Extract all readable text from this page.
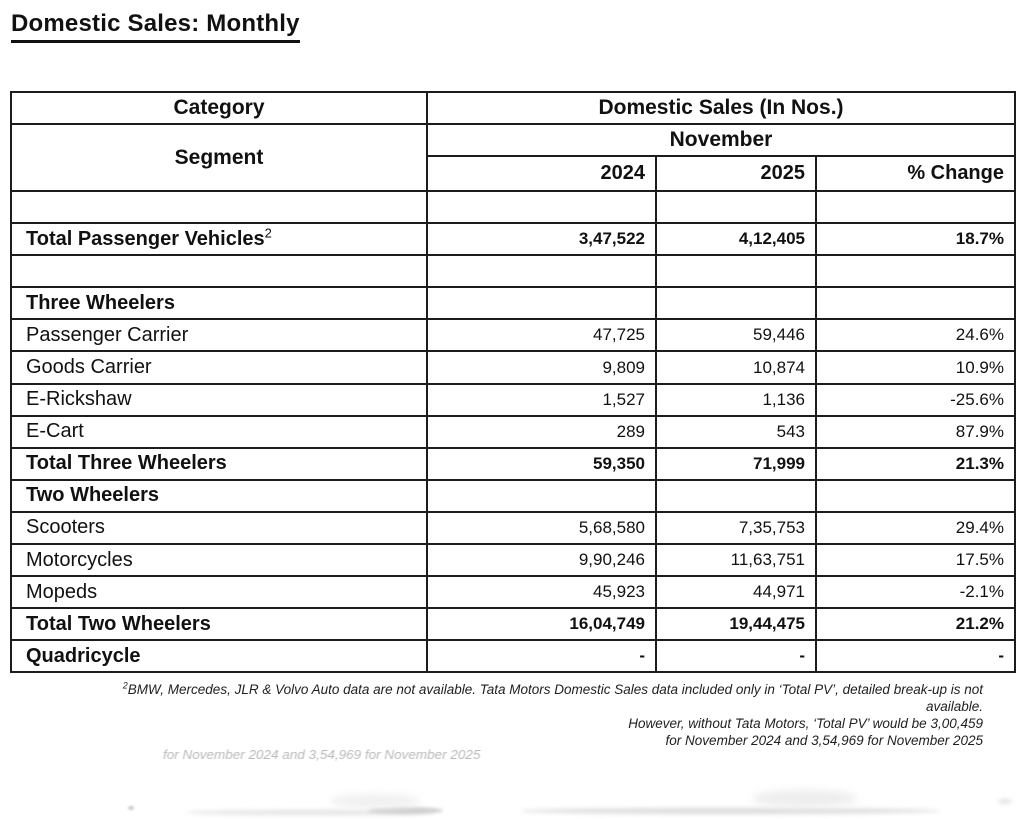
Domestic Sales: Monthly
Category	Domestic Sales (In Nos.)		
Segment	November		
	2024	2025	% Change

Total Passenger Vehicles$^2$	3,47,522	4,12,405	18.7%

Three Wheelers			
Passenger Carrier	47,725	59,446	24.6%
Goods Carrier	9,809	10,874	10.9%
E-Rickshaw	1,527	1,136	-25.6%
E-Cart	289	543	87.9%
Total Three Wheelers	59,350	71,999	21.3%
Two Wheelers			
Scooters	5,68,580	7,35,753	29.4%
Motorcycles	9,90,246	11,63,751	17.5%
Mopeds	45,923	44,971	-2.1%
Total Two Wheelers	16,04,749	19,44,475	21.2%
Quadricycle	-	-	-
$^2$BMW, Mercedes, JLR & Volvo Auto data are not available. Tata Motors Domestic Sales data included only in ‘Total PV’, detailed break-up is not available.
However, without Tata Motors, ‘Total PV’ would be 3,00,459
for November 2024 and 3,54,969 for November 2025
for November 2024 and 3,54,969 for November 2025
